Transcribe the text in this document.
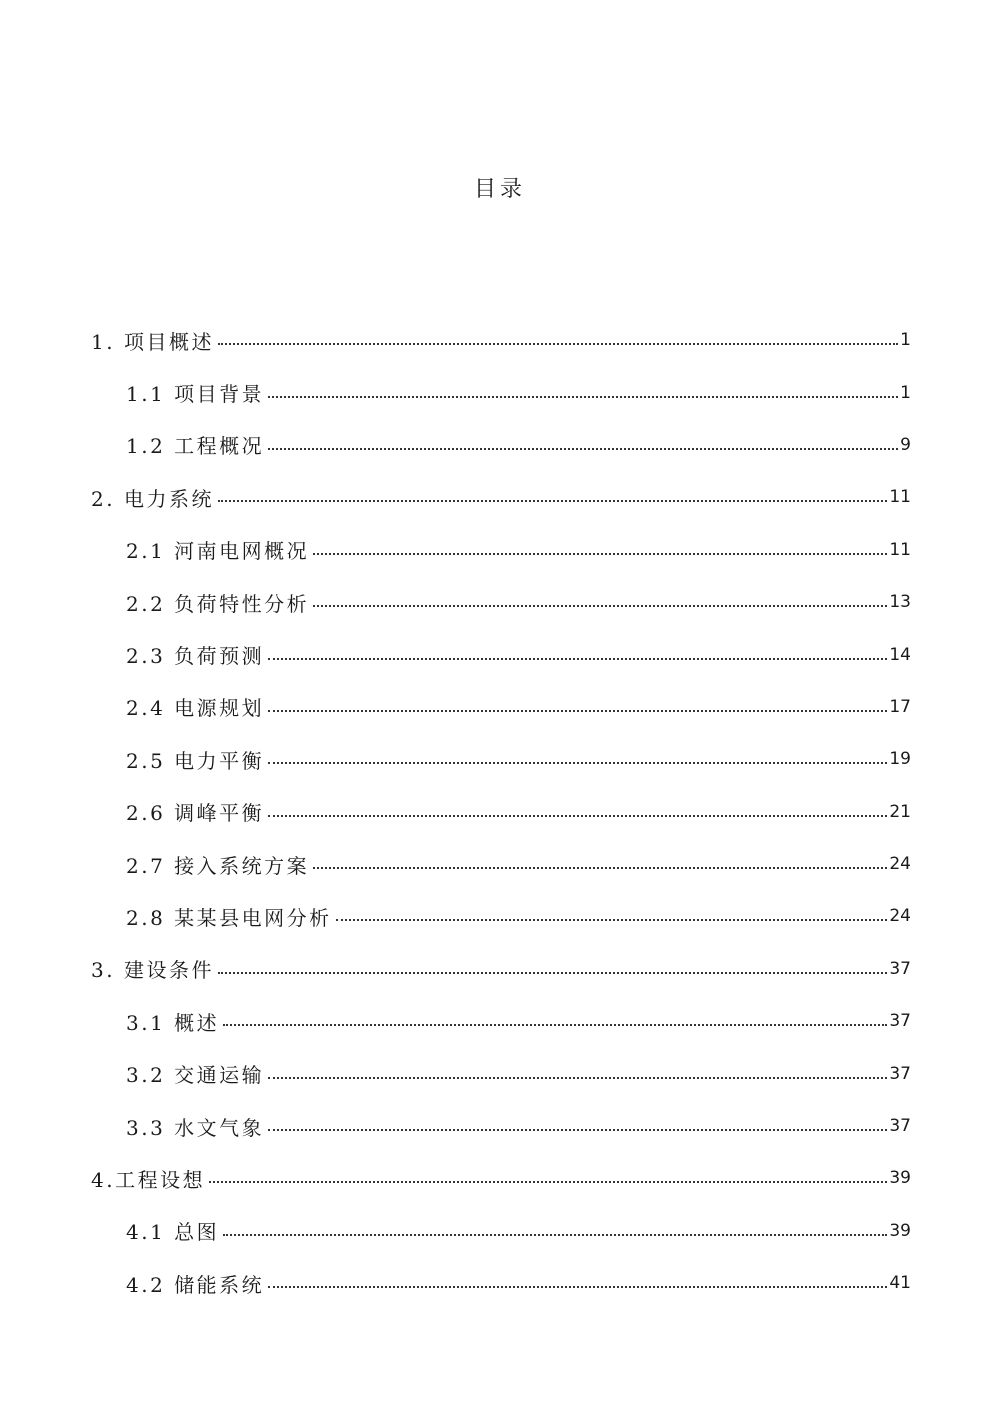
目录
1. 项目概述	1
1.1 项目背景	1
1.2 工程概况	9
2. 电力系统	11
2.1 河南电网概况	11
2.2 负荷特性分析	13
2.3 负荷预测	14
2.4 电源规划	17
2.5 电力平衡	19
2.6 调峰平衡	21
2.7 接入系统方案	24
2.8 某某县电网分析	24
3. 建设条件	37
3.1 概述	37
3.2 交通运输	37
3.3 水文气象	37
4.工程设想	39
4.1 总图	39
4.2 储能系统	41
